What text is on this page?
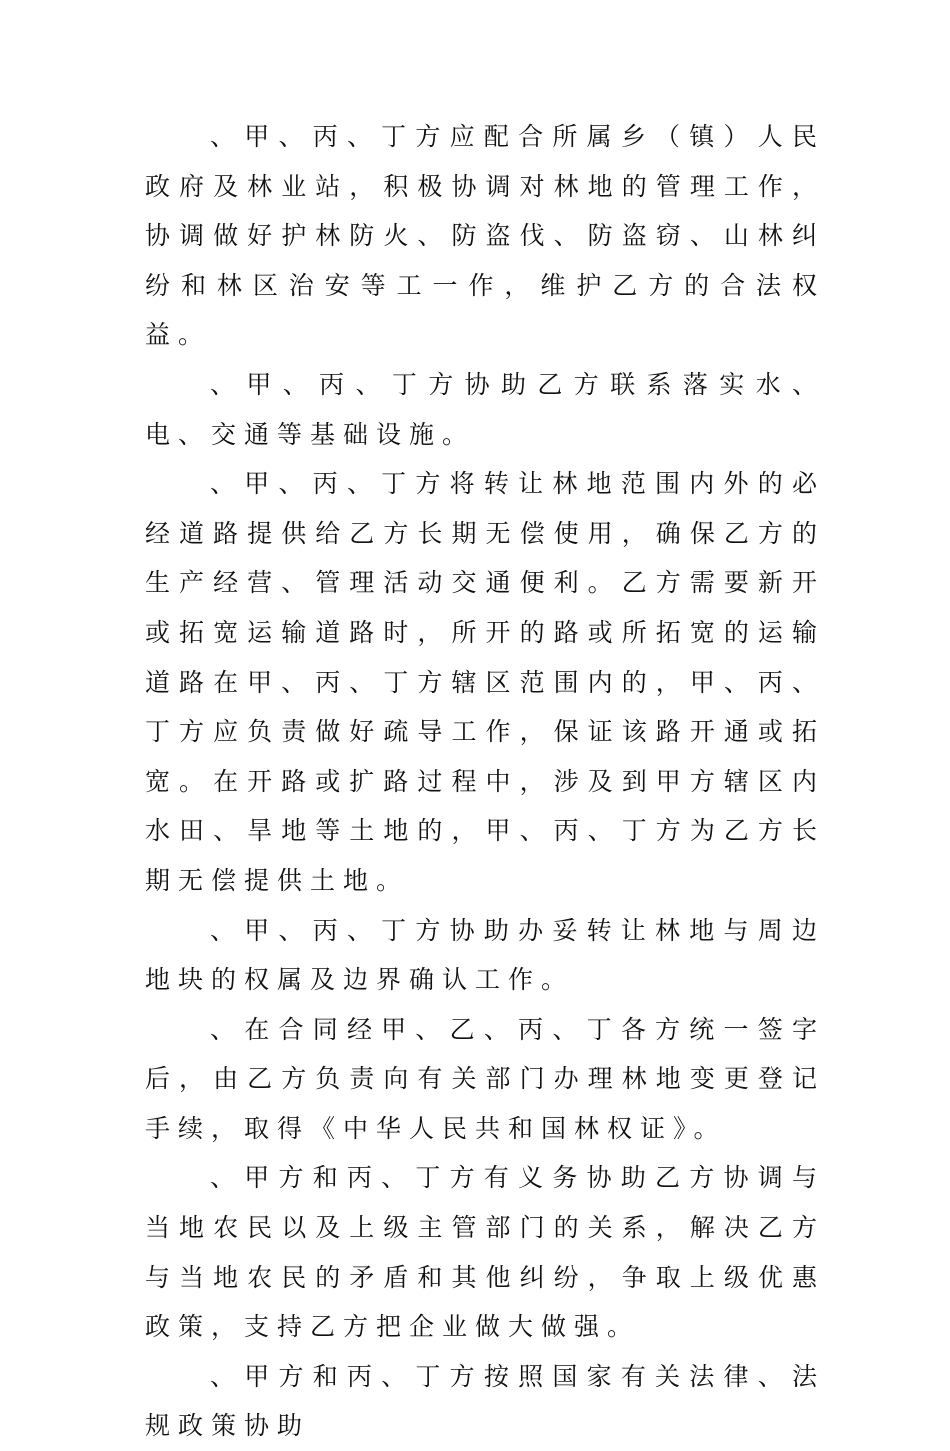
、甲、丙、丁方应配合所属乡（镇）人民政府及林业站，积极协调对林地的管理工作，协调做好护林防火、防盗伐、防盗窃、山林纠纷和林区治安等工一作，维护乙方的合法权益。

、甲、丙、丁方协助乙方联系落实水、电、交通等基础设施。

、甲、丙、丁方将转让林地范围内外的必经道路提供给乙方长期无偿使用，确保乙方的生产经营、管理活动交通便利。乙方需要新开或拓宽运输道路时，所开的路或所拓宽的运输道路在甲、丙、丁方辖区范围内的，甲、丙、丁方应负责做好疏导工作，保证该路开通或拓宽。在开路或扩路过程中，涉及到甲方辖区内水田、旱地等土地的，甲、丙、丁方为乙方长期无偿提供土地。

、甲、丙、丁方协助办妥转让林地与周边地块的权属及边界确认工作。

、在合同经甲、乙、丙、丁各方统一签字后，由乙方负责向有关部门办理林地变更登记手续，取得《中华人民共和国林权证》。

、甲方和丙、丁方有义务协助乙方协调与当地农民以及上级主管部门的关系，解决乙方与当地农民的矛盾和其他纠纷，争取上级优惠政策，支持乙方把企业做大做强。

、甲方和丙、丁方按照国家有关法律、法规政策协助
